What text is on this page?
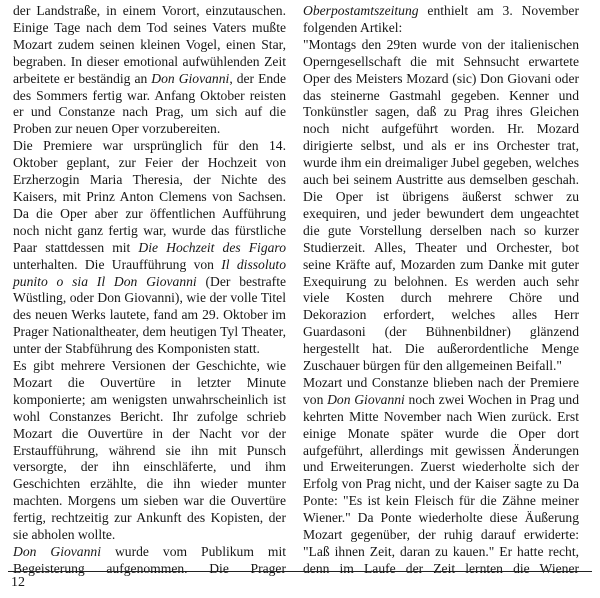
der Landstraße, in einem Vorort, einzutauschen. Einige Tage nach dem Tod seines Vaters mußte Mozart zudem seinen kleinen Vogel, einen Star, begraben. In dieser emotional aufwühlenden Zeit arbeitete er beständig an Don Giovanni, der Ende des Sommers fertig war. Anfang Oktober reisten er und Constanze nach Prag, um sich auf die Proben zur neuen Oper vorzubereiten.

Die Premiere war ursprünglich für den 14. Oktober geplant, zur Feier der Hochzeit von Erzherzogin Maria Theresia, der Nichte des Kaisers, mit Prinz Anton Clemens von Sachsen. Da die Oper aber zur öffentlichen Aufführung noch nicht ganz fertig war, wurde das fürstliche Paar stattdessen mit Die Hochzeit des Figaro unterhalten. Die Uraufführung von Il dissoluto punito o sia Il Don Giovanni (Der bestrafte Wüstling, oder Don Giovanni), wie der volle Titel des neuen Werks lautete, fand am 29. Oktober im Prager Nationaltheater, dem heutigen Tyl Theater, unter der Stabführung des Komponisten statt.

Es gibt mehrere Versionen der Geschichte, wie Mozart die Ouvertüre in letzter Minute komponierte; am wenigsten unwahrscheinlich ist wohl Constanzes Bericht. Ihr zufolge schrieb Mozart die Ouvertüre in der Nacht vor der Erstaufführung, während sie ihn mit Punsch versorgte, der ihn einschläferte, und ihm Geschichten erzählte, die ihn wieder munter machten. Morgens um sieben war die Ouvertüre fertig, rechtzeitig zur Ankunft des Kopisten, der sie abholen wollte.

Don Giovanni wurde vom Publikum mit Begeisterung aufgenommen. Die Prager

Oberpostamtszeitung enthielt am 3. November folgenden Artikel:

"Montags den 29ten wurde von der italienischen Operngesellschaft die mit Sehnsucht erwartete Oper des Meisters Mozard (sic) Don Giovani oder das steinerne Gastmahl gegeben. Kenner und Tonkünstler sagen, daß zu Prag ihres Gleichen noch nicht aufgeführt worden. Hr. Mozard dirigierte selbst, und als er ins Orchester trat, wurde ihm ein dreimaliger Jubel gegeben, welches auch bei seinem Austritte aus demselben geschah. Die Oper ist übrigens äußerst schwer zu exequiren, und jeder bewundert dem ungeachtet die gute Vorstellung derselben nach so kurzer Studierzeit. Alles, Theater und Orchester, bot seine Kräfte auf, Mozarden zum Danke mit guter Exequirung zu belohnen. Es werden auch sehr viele Kosten durch mehrere Chöre und Dekorazion erfordert, welches alles Herr Guardasoni (der Bühnenbildner) glänzend hergestellt hat. Die außerordentliche Menge Zuschauer bürgen für den allgemeinen Beifall."

Mozart und Constanze blieben nach der Premiere von Don Giovanni noch zwei Wochen in Prag und kehrten Mitte November nach Wien zurück. Erst einige Monate später wurde die Oper dort aufgeführt, allerdings mit gewissen Änderungen und Erweiterungen. Zuerst wiederholte sich der Erfolg von Prag nicht, und der Kaiser sagte zu Da Ponte: "Es ist kein Fleisch für die Zähne meiner Wiener." Da Ponte wiederholte diese Äußerung Mozart gegenüber, der ruhig darauf erwiderte: "Laß ihnen Zeit, daran zu kauen." Er hatte recht, denn im Laufe der Zeit lernten die Wiener

12
